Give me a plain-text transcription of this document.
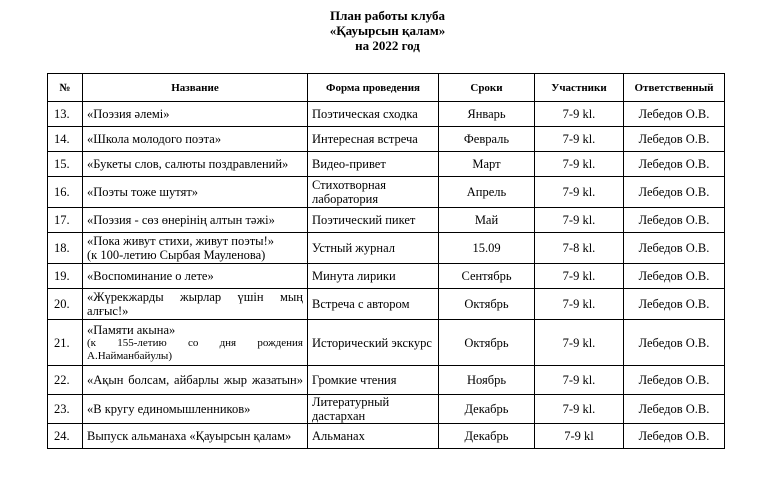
План работы клуба
«Қауырсын қалам»
на 2022 год
№	Название	Форма проведения	Сроки	Участники	Ответственный
13.	«Поэзия әлемі»	Поэтическая сходка	Январь	7-9 kl.	Лебедов О.В.
14.	«Школа молодого поэта»	Интересная встреча	Февраль	7-9 kl.	Лебедов О.В.
15.	«Букеты слов, салюты поздравлений»	Видео-привет	Март	7-9 kl.	Лебедов О.В.
16.	«Поэты тоже шутят»	Стихотворная лаборатория	Апрель	7-9 kl.	Лебедов О.В.
17.	«Поэзия - сөз өнерінің алтын тәжі»	Поэтический пикет	Май	7-9 kl.	Лебедов О.В.
18.	«Пока живут стихи, живут поэты!»
(к 100-летию Сырбая Мауленова)	Устный журнал	15.09	7-8 kl.	Лебедов О.В.
19.	«Воспоминание о лете»	Минута лирики	Сентябрь	7-9 kl.	Лебедов О.В.
20.	«Жүрекжарды жырлар үшін мың алғыс!»	Встреча с автором	Октябрь	7-9 kl.	Лебедов О.В.
21.	«Памяти акына»
(к 155-летию со дня рождения А.Найманбайулы)	Исторический экскурс	Октябрь	7-9 kl.	Лебедов О.В.
22.	«Ақын болсам, айбарлы жыр жазатын»	Громкие чтения	Ноябрь	7-9 kl.	Лебедов О.В.
23.	«В кругу единомышленников»	Литературный дастархан	Декабрь	7-9 kl.	Лебедов О.В.
24.	Выпуск альманаха «Қауырсын қалам»	Альманах	Декабрь	7-9 kl	Лебедов О.В.
